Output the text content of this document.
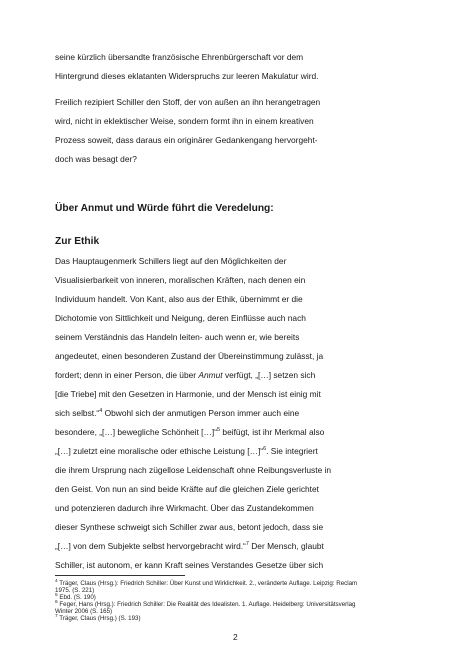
seine kürzlich übersandte französische Ehrenbürgerschaft vor dem
Hintergrund dieses eklatanten Widerspruchs zur leeren Makulatur wird.
Freilich rezipiert Schiller den Stoff, der von außen an ihn herangetragen
wird, nicht in eklektischer Weise, sondern formt ihn in einem kreativen
Prozess soweit, dass daraus ein originärer Gedankengang hervorgeht-
doch was besagt der?
Über Anmut und Würde führt die Veredelung:
Zur Ethik
Das Hauptaugenmerk Schillers liegt auf den Möglichkeiten der
Visualisierbarkeit von inneren, moralischen Kräften, nach denen ein
Individuum handelt. Von Kant, also aus der Ethik, übernimmt er die
Dichotomie von Sittlichkeit und Neigung, deren Einflüsse auch nach
seinem Verständnis das Handeln leiten- auch wenn er, wie bereits
angedeutet, einen besonderen Zustand der Übereinstimmung zulässt, ja
fordert; denn in einer Person, die über Anmut verfügt, „[…] setzen sich
[die Triebe] mit den Gesetzen in Harmonie, und der Mensch ist einig mit
sich selbst.“$^4$ Obwohl sich der anmutigen Person immer auch eine
besondere, „[…] bewegliche Schönheit […]“$^5$ beifügt, ist ihr Merkmal also
„[…] zuletzt eine moralische oder ethische Leistung […]“$^6$. Sie integriert
die ihrem Ursprung nach zügellose Leidenschaft ohne Reibungsverluste in
den Geist. Von nun an sind beide Kräfte auf die gleichen Ziele gerichtet
und potenzieren dadurch ihre Wirkmacht. Über das Zustandekommen
dieser Synthese schweigt sich Schiller zwar aus, betont jedoch, dass sie
„[…] von dem Subjekte selbst hervorgebracht wird.“$^7$ Der Mensch, glaubt
Schiller, ist autonom, er kann Kraft seines Verstandes Gesetze über sich
$^4$ Träger, Claus (Hrsg.): Friedrich Schiller: Über Kunst und Wirklichkeit. 2., veränderte Auflage. Leipzig: Reclam
1975. (S. 221)
$^5$ Ebd. (S. 190)
$^6$ Feger, Hans (Hrsg.): Friedrich Schiller: Die Realität des Idealisten. 1. Auflage. Heidelberg: Universitätsverlag
Winter 2006 (S. 165)
$^7$ Träger, Claus (Hrsg.) (S. 193)
2
